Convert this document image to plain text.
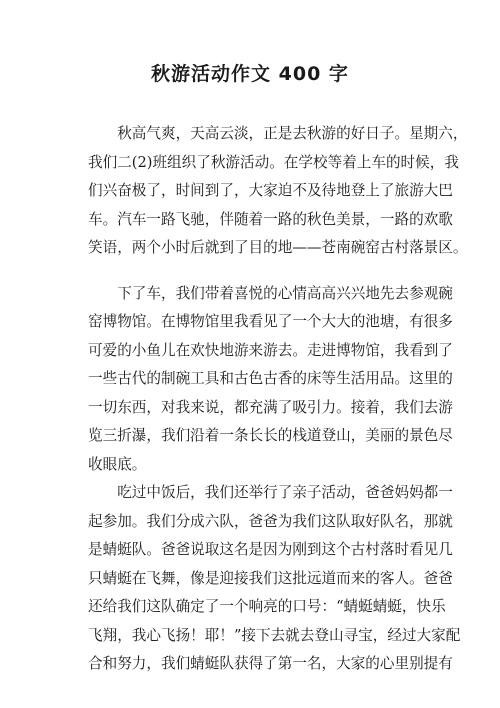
秋游活动作文 400 字
　　秋高气爽，天高云淡，正是去秋游的好日子。星期六，
我们二(2)班组织了秋游活动。在学校等着上车的时候，我
们兴奋极了，时间到了，大家迫不及待地登上了旅游大巴
车。汽车一路飞驰，伴随着一路的秋色美景，一路的欢歌
笑语，两个小时后就到了目的地——苍南碗窑古村落景区。
　　下了车，我们带着喜悦的心情高高兴兴地先去参观碗
窑博物馆。在博物馆里我看见了一个大大的池塘，有很多
可爱的小鱼儿在欢快地游来游去。走进博物馆，我看到了
一些古代的制碗工具和古色古香的床等生活用品。这里的
一切东西，对我来说，都充满了吸引力。接着，我们去游
览三折瀑，我们沿着一条长长的栈道登山，美丽的景色尽
收眼底。
　　吃过中饭后，我们还举行了亲子活动，爸爸妈妈都一
起参加。我们分成六队，爸爸为我们这队取好队名，那就
是蜻蜓队。爸爸说取这名是因为刚到这个古村落时看见几
只蜻蜓在飞舞，像是迎接我们这批远道而来的客人。爸爸
还给我们这队确定了一个响亮的口号：“蜻蜓蜻蜓，快乐
飞翔，我心飞扬！耶！”接下去就去登山寻宝，经过大家配
合和努力，我们蜻蜓队获得了第一名，大家的心里别提有
